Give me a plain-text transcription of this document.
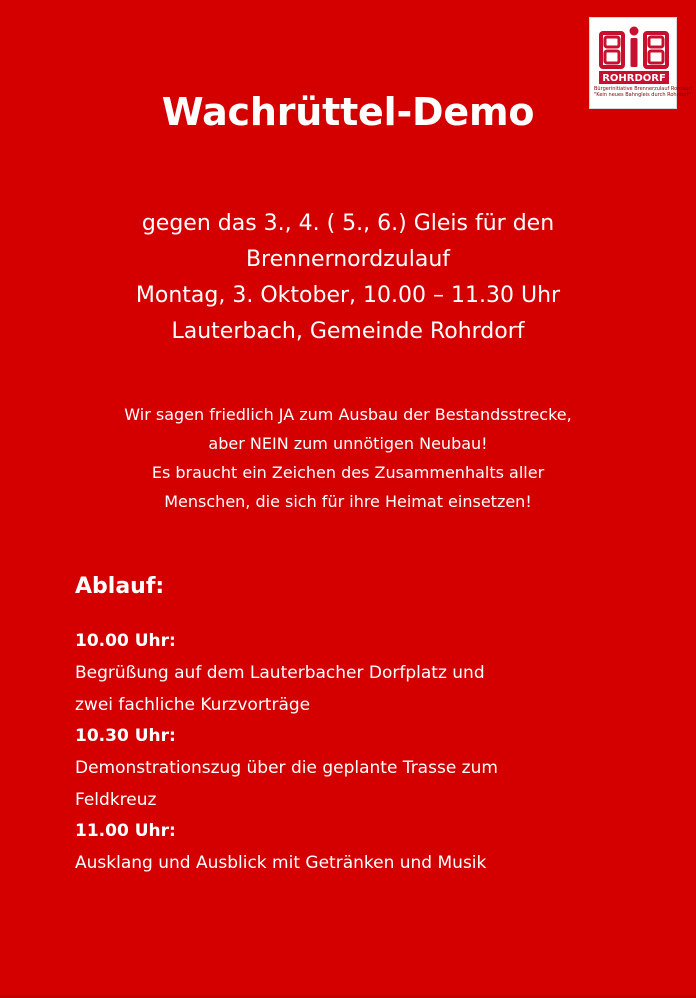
ROHRDORF
Bürgerinitiative Brennerzulauf Rohrdorf
"Kein neues Bahngleis durch Rohrdorf"
Wachrüttel-Demo
gegen das 3., 4. ( 5., 6.) Gleis für den
Brennernordzulauf
Montag, 3. Oktober, 10.00 – 11.30 Uhr
Lauterbach, Gemeinde Rohrdorf
Wir sagen friedlich JA zum Ausbau der Bestandsstrecke,
aber NEIN zum unnötigen Neubau!
Es braucht ein Zeichen des Zusammenhalts aller
Menschen, die sich für ihre Heimat einsetzen!
Ablauf:
10.00 Uhr:
Begrüßung auf dem Lauterbacher Dorfplatz und
zwei fachliche Kurzvorträge
10.30 Uhr:
Demonstrationszug über die geplante Trasse zum
Feldkreuz
11.00 Uhr:
Ausklang und Ausblick mit Getränken und Musik
